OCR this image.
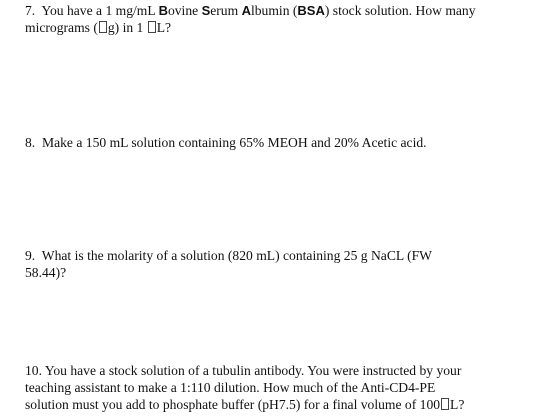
7. You have a 1 mg/mL Bovine Serum Albumin (BSA) stock solution. How many
micrograms ( g) in 1 L?

8. Make a 150 mL solution containing 65% MEOH and 20% Acetic acid.

9. What is the molarity of a solution (820 mL) containing 25 g NaCL (FW
58.44)?

10. You have a stock solution of a tubulin antibody. You were instructed by your
teaching assistant to make a 1:110 dilution. How much of the Anti-CD4-PE
solution must you add to phosphate buffer (pH7.5) for a final volume of 100 L?
